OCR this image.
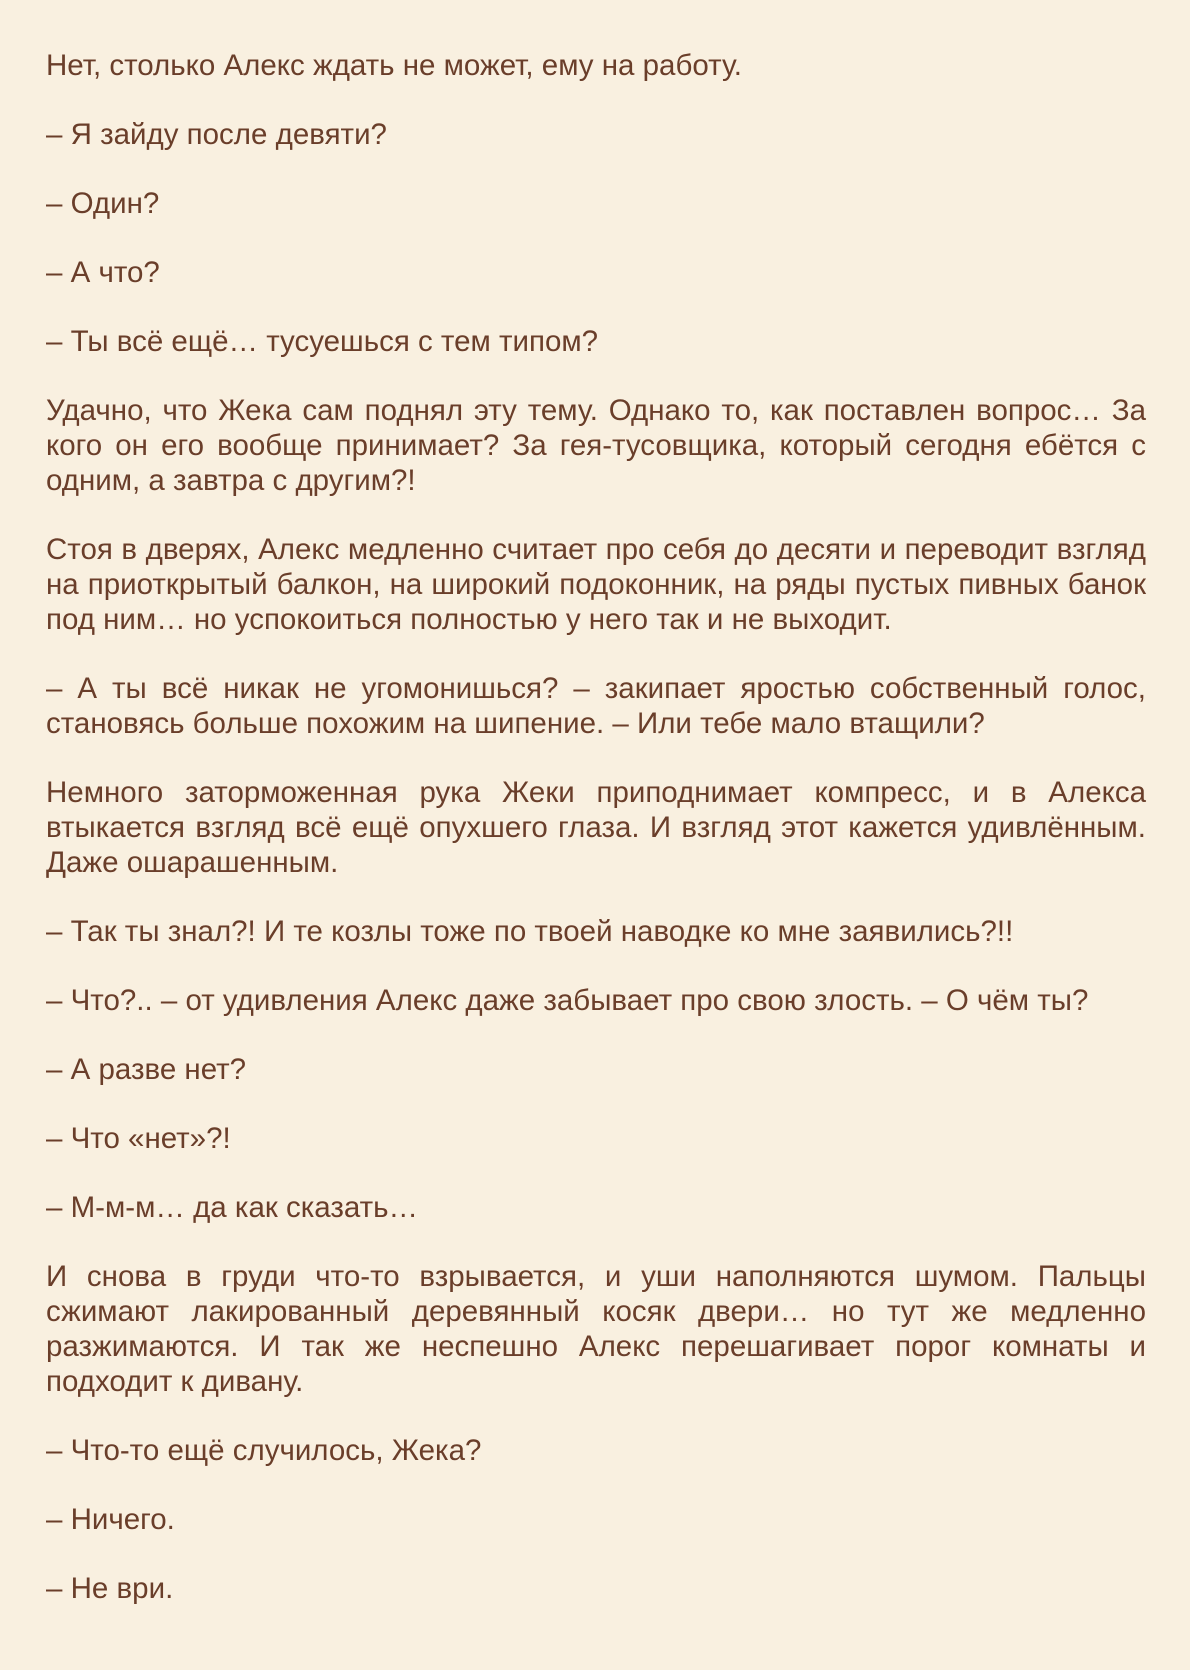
Нет, столько Алекс ждать не может, ему на работу.

– Я зайду после девяти?

– Один?

– А что?

– Ты всё ещё… тусуешься с тем типом?

Удачно, что Жека сам поднял эту тему. Однако то, как поставлен вопрос… За кого он его вообще принимает? За гея-тусовщика, который сегодня ебётся с одним, а завтра с другим?!

Стоя в дверях, Алекс медленно считает про себя до десяти и переводит взгляд на приоткрытый балкон, на широкий подоконник, на ряды пустых пивных банок под ним… но успокоиться полностью у него так и не выходит.

– А ты всё никак не угомонишься? – закипает яростью собственный голос, становясь больше похожим на шипение. – Или тебе мало втащили?

Немного заторможенная рука Жеки приподнимает компресс, и в Алекса втыкается взгляд всё ещё опухшего глаза. И взгляд этот кажется удивлённым. Даже ошарашенным.

– Так ты знал?! И те козлы тоже по твоей наводке ко мне заявились?!!

– Что?.. – от удивления Алекс даже забывает про свою злость. – О чём ты?

– А разве нет?

– Что «нет»?!

– М-м-м… да как сказать…

И снова в груди что-то взрывается, и уши наполняются шумом. Пальцы сжимают лакированный деревянный косяк двери… но тут же медленно разжимаются. И так же неспешно Алекс перешагивает порог комнаты и подходит к дивану.

– Что-то ещё случилось, Жека?

– Ничего.

– Не ври.
